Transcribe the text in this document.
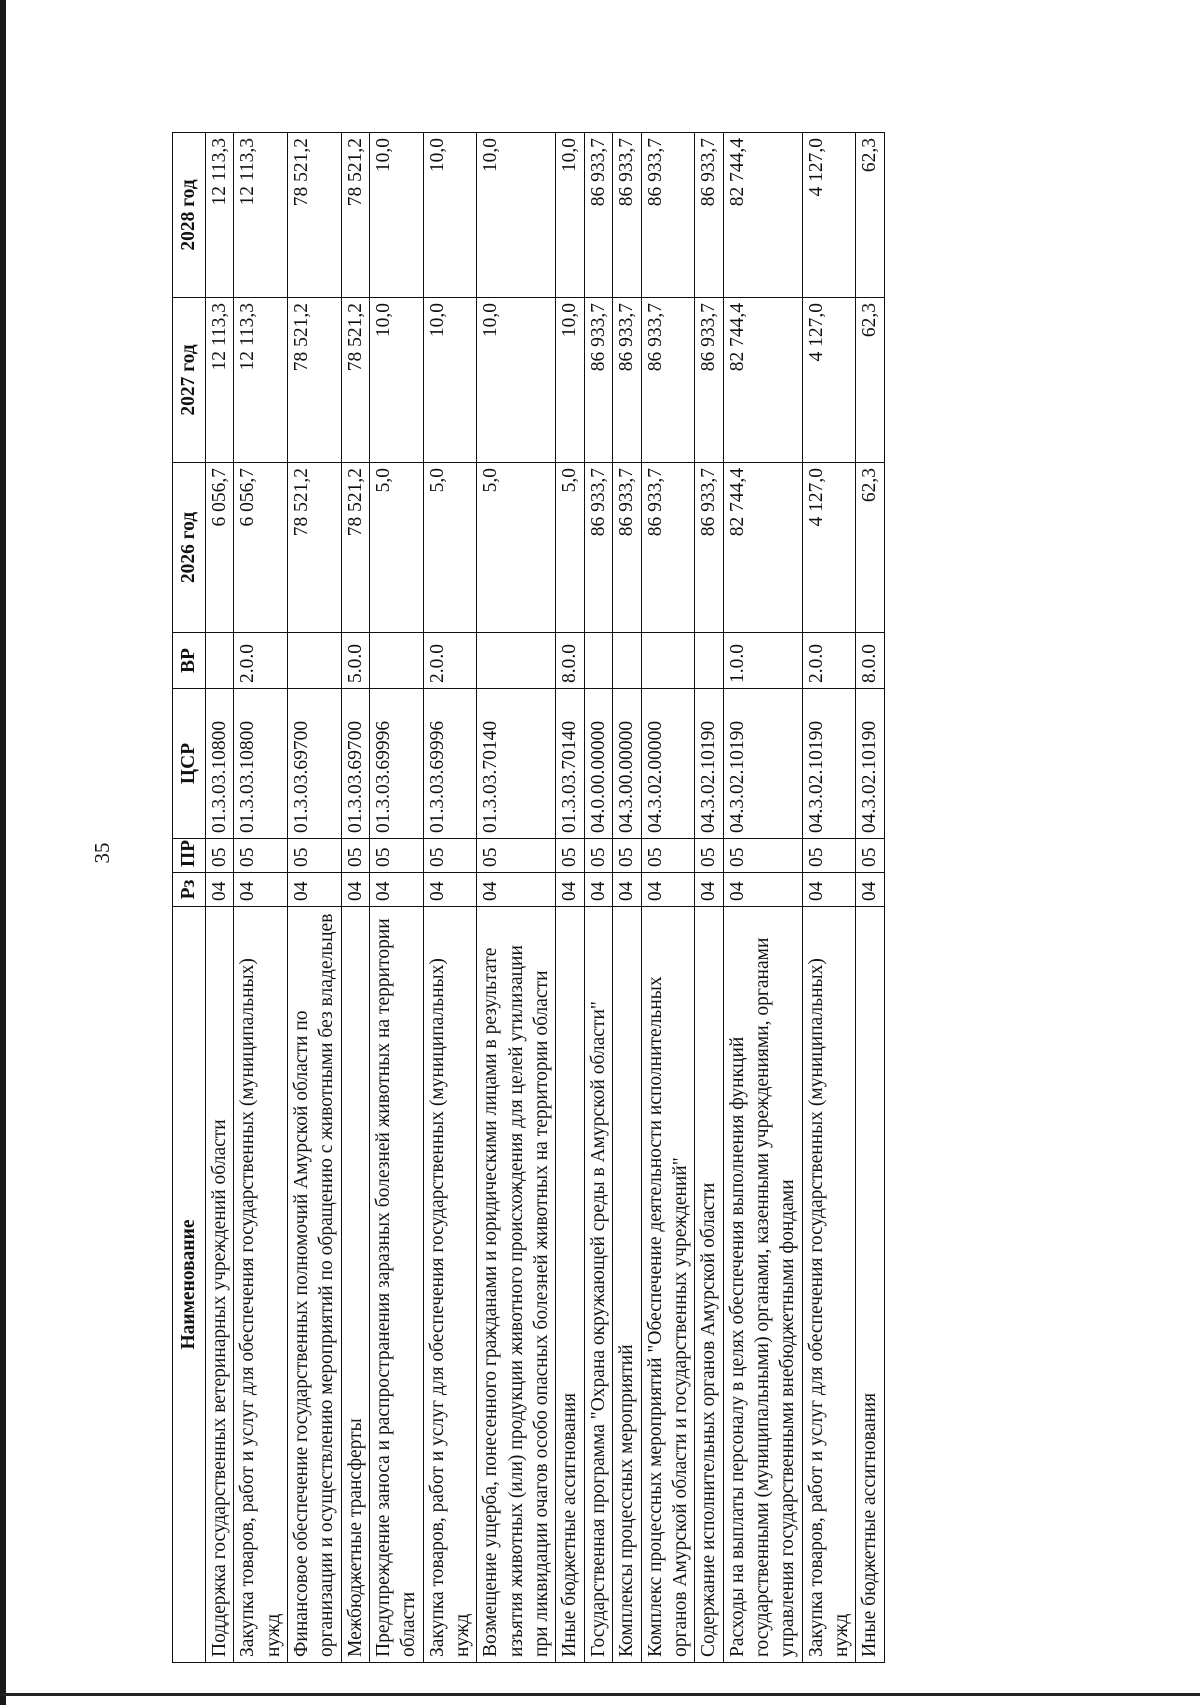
35
Наименование	Рз	ПР	ЦСР	ВР	2026 год	2027 год	2028 год
Поддержка государственных ветеринарных учреждений области	04	05	01.3.03.10800		6 056,7	12 113,3	12 113,3
Закупка товаров, работ и услуг для обеспечения государственных (муниципальных) нужд	04	05	01.3.03.10800	2.0.0	6 056,7	12 113,3	12 113,3
Финансовое обеспечение государственных полномочий Амурской области по организации и осуществлению мероприятий по обращению с животными без владельцев	04	05	01.3.03.69700		78 521,2	78 521,2	78 521,2
Межбюджетные трансферты	04	05	01.3.03.69700	5.0.0	78 521,2	78 521,2	78 521,2
Предупреждение заноса и распространения заразных болезней животных на территории области	04	05	01.3.03.69996		5,0	10,0	10,0
Закупка товаров, работ и услуг для обеспечения государственных (муниципальных) нужд	04	05	01.3.03.69996	2.0.0	5,0	10,0	10,0
Возмещение ущерба, понесенного гражданами и юридическими лицами в результате изъятия животных (или) продукции животного происхождения для целей утилизации при ликвидации очагов особо опасных болезней животных на территории области	04	05	01.3.03.70140		5,0	10,0	10,0
Иные бюджетные ассигнования	04	05	01.3.03.70140	8.0.0	5,0	10,0	10,0
Государственная программа "Охрана окружающей среды в Амурской области"	04	05	04.0.00.00000		86 933,7	86 933,7	86 933,7
Комплексы процессных мероприятий	04	05	04.3.00.00000		86 933,7	86 933,7	86 933,7
Комплекс процессных мероприятий "Обеспечение деятельности исполнительных органов Амурской области и государственных учреждений"	04	05	04.3.02.00000		86 933,7	86 933,7	86 933,7
Содержание исполнительных органов Амурской области	04	05	04.3.02.10190		86 933,7	86 933,7	86 933,7
Расходы на выплаты персоналу в целях обеспечения выполнения функций государственными (муниципальными) органами, казенными учреждениями, органами управления государственными внебюджетными фондами	04	05	04.3.02.10190	1.0.0	82 744,4	82 744,4	82 744,4
Закупка товаров, работ и услуг для обеспечения государственных (муниципальных) нужд	04	05	04.3.02.10190	2.0.0	4 127,0	4 127,0	4 127,0
Иные бюджетные ассигнования	04	05	04.3.02.10190	8.0.0	62,3	62,3	62,3
